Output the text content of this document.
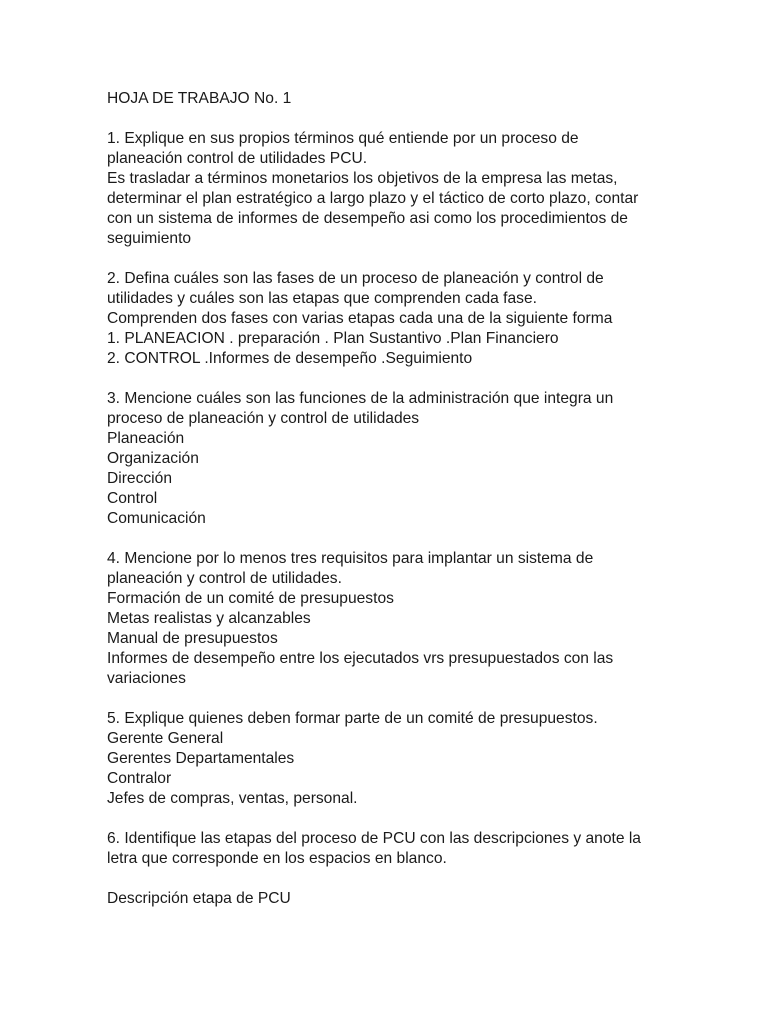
HOJA DE TRABAJO No. 1
1. Explique en sus propios términos qué entiende por un proceso de
planeación control de utilidades PCU.
Es trasladar a términos monetarios los objetivos de la empresa las metas,
determinar el plan estratégico a largo plazo y el táctico de corto plazo, contar
con un sistema de informes de desempeño asi como los procedimientos de
seguimiento
2. Defina cuáles son las fases de un proceso de planeación y control de
utilidades y cuáles son las etapas que comprenden cada fase.
Comprenden dos fases con varias etapas cada una de la siguiente forma
1. PLANEACION . preparación . Plan Sustantivo .Plan Financiero
2. CONTROL .Informes de desempeño .Seguimiento
3. Mencione cuáles son las funciones de la administración que integra un
proceso de planeación y control de utilidades
Planeación
Organización
Dirección
Control
Comunicación
4. Mencione por lo menos tres requisitos para implantar un sistema de
planeación y control de utilidades.
Formación de un comité de presupuestos
Metas realistas y alcanzables
Manual de presupuestos
Informes de desempeño entre los ejecutados vrs presupuestados con las
variaciones
5. Explique quienes deben formar parte de un comité de presupuestos.
Gerente General
Gerentes Departamentales
Contralor
Jefes de compras, ventas, personal.
6. Identifique las etapas del proceso de PCU con las descripciones y anote la
letra que corresponde en los espacios en blanco.
Descripción etapa de PCU
